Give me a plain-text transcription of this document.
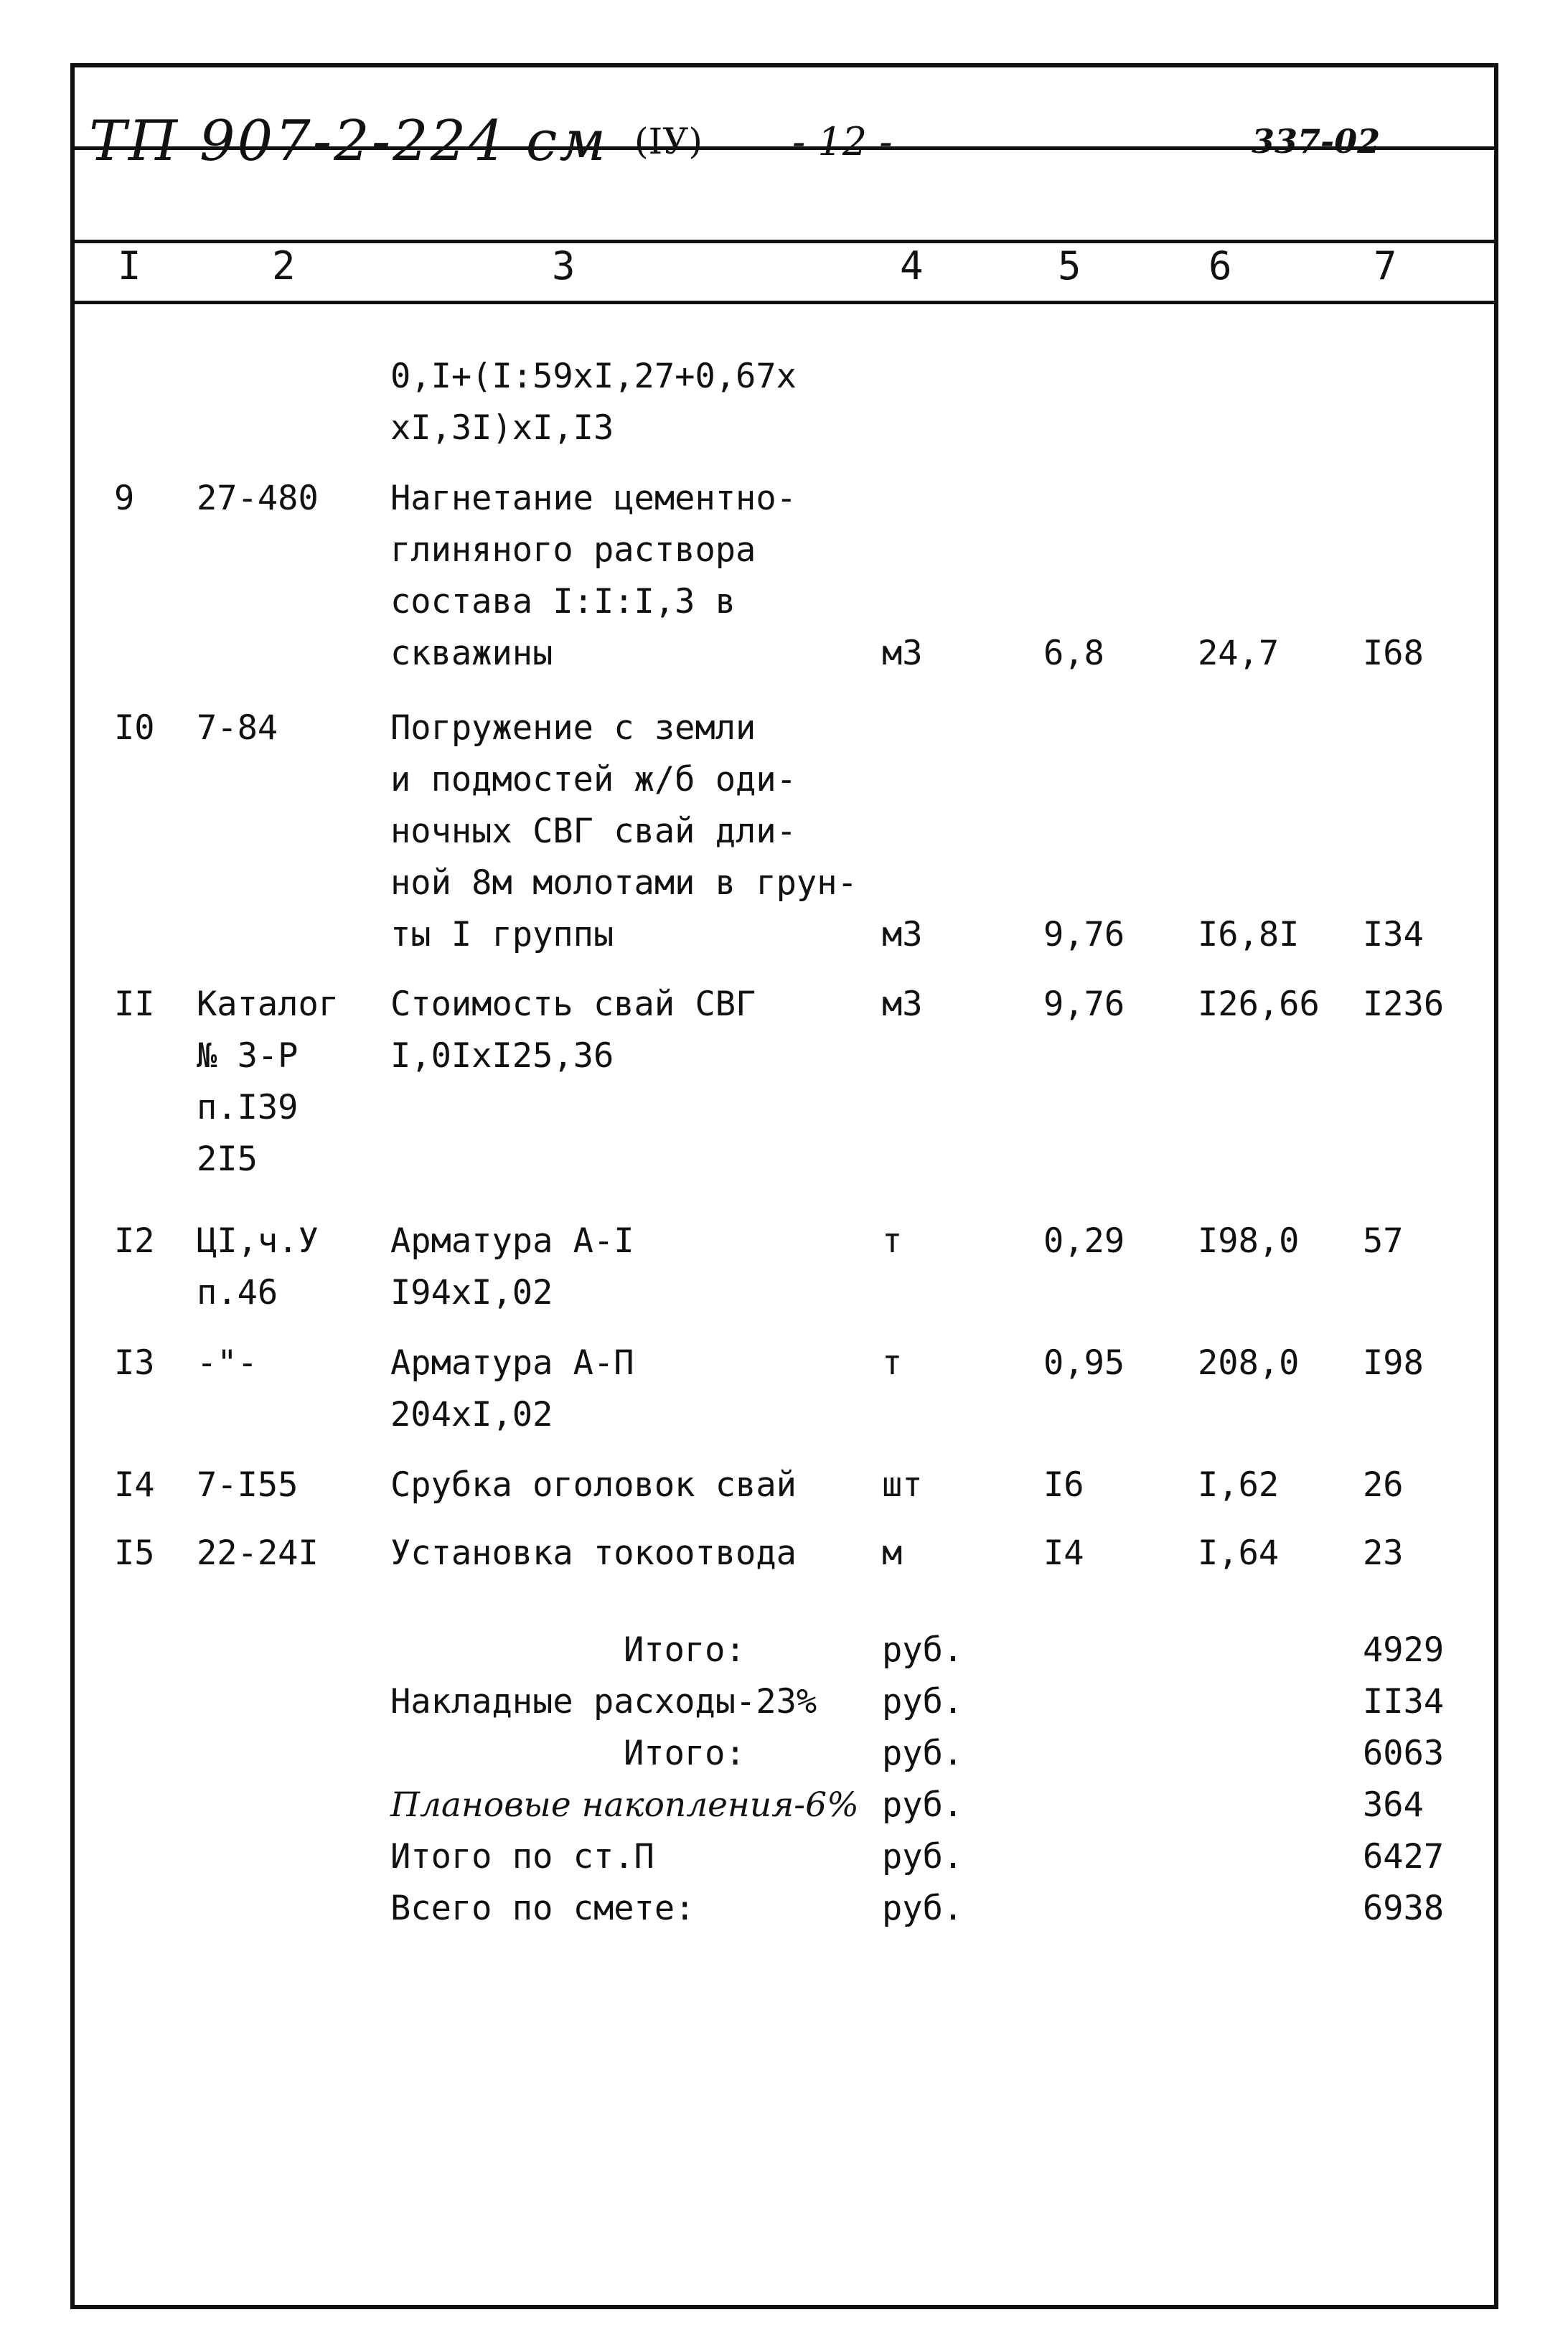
ТП 907-2-224 см (IУ) - 12 -	337-02
I	2	3	4	5	6	7
0,I+(I:59xI,27+0,67x
xI,3I)xI,I3
9 27-480 Нагнетание цементно-
глиняного раствора
состава I:I:I,3 в
скважины	м3	6,8	24,7 I68
I0 7-84	Погружение с земли
и подмостей ж/б оди-
ночных СВГ свай дли-
ной 8м молотами в грун-
ты I группы	м3	9,76 I6,8I I34
II Каталог
№ 3-Р
п.I39
2I5
Стоимость свай СВГ
I,0IxI25,36
м3	9,76 I26,66 I236
I2 ЦI,ч.У
п.46
Арматура А-I
I94xI,02
т	0,29 I98,0 57
I3 -"-	Арматура А-П
204xI,02
т	0,95 208,0 I98
I4 7-I55	Срубка оголовок свай	шт	I6	I,62 26
I5 22-24I Установка токоотвода	м	I4	I,64 23
Итого:	руб.	4929
Накладные расходы-23% руб.	II34
Итого:	руб.	6063
Плановые накопления-6% руб.	364
Итого по ст.П	руб.	6427
Всего по смете:	руб.	6938
